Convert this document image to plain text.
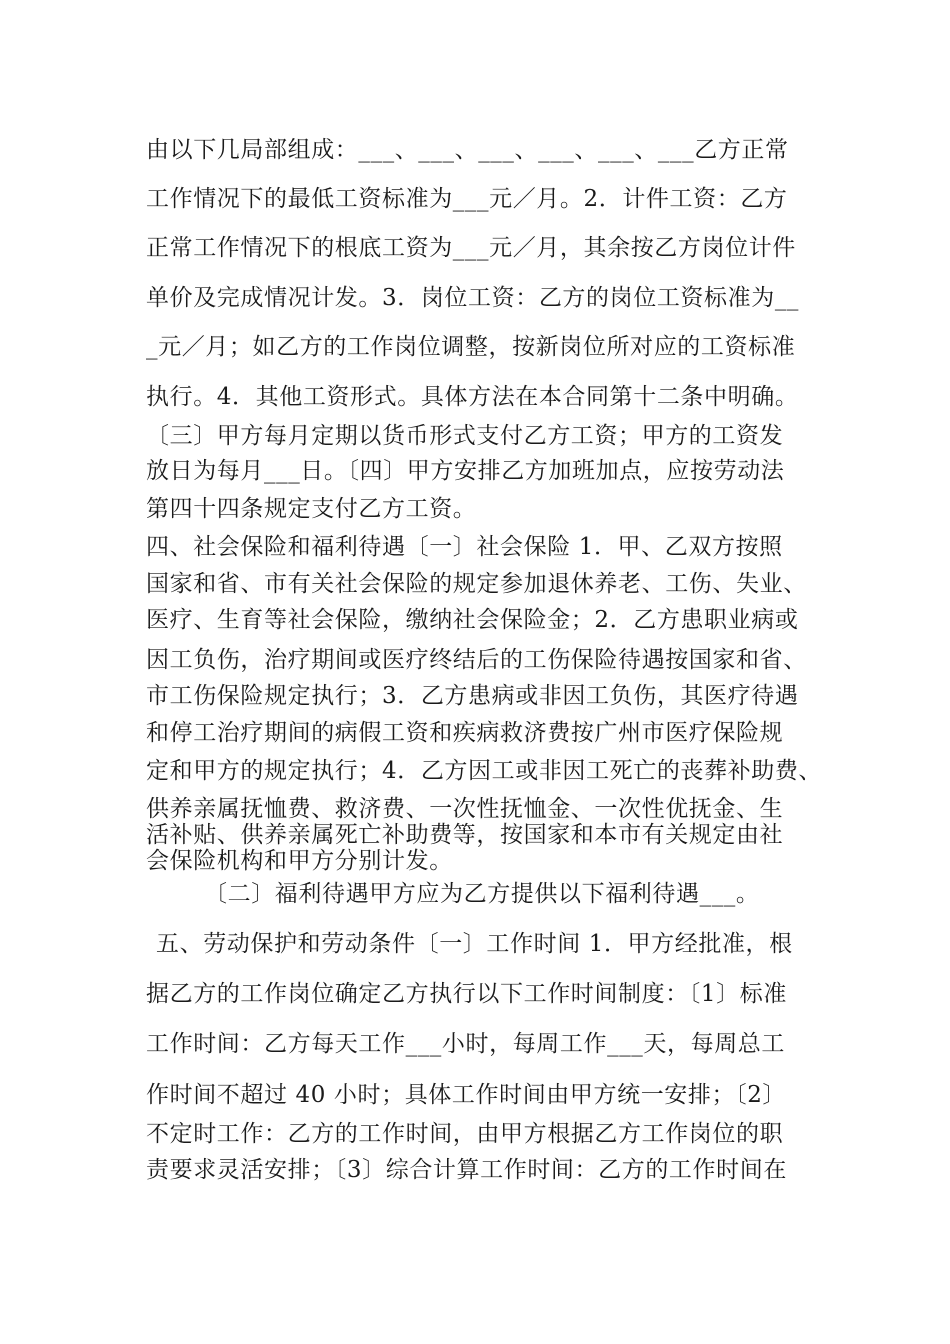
由以下几局部组成：___、___、___、___、___、___乙方正常
工作情况下的最低工资标准为___元／月。2．计件工资：乙方
正常工作情况下的根底工资为___元／月，其余按乙方岗位计件
单价及完成情况计发。3．岗位工资：乙方的岗位工资标准为__
_元／月；如乙方的工作岗位调整，按新岗位所对应的工资标准
执行。4．其他工资形式。具体方法在本合同第十二条中明确。
〔三〕甲方每月定期以货币形式支付乙方工资；甲方的工资发
放日为每月___日。〔四〕甲方安排乙方加班加点，应按劳动法
第四十四条规定支付乙方工资。
四、社会保险和福利待遇〔一〕社会保险 1．甲、乙双方按照
国家和省、市有关社会保险的规定参加退休养老、工伤、失业、
医疗、生育等社会保险，缴纳社会保险金；2．乙方患职业病或
因工负伤，治疗期间或医疗终结后的工伤保险待遇按国家和省、
市工伤保险规定执行；3．乙方患病或非因工负伤，其医疗待遇
和停工治疗期间的病假工资和疾病救济费按广州市医疗保险规
定和甲方的规定执行；4．乙方因工或非因工死亡的丧葬补助费、
供养亲属抚恤费、救济费、一次性抚恤金、一次性优抚金、生
活补贴、供养亲属死亡补助费等，按国家和本市有关规定由社
会保险机构和甲方分别计发。
〔二〕福利待遇甲方应为乙方提供以下福利待遇___。
五、劳动保护和劳动条件〔一〕工作时间 1．甲方经批准，根
据乙方的工作岗位确定乙方执行以下工作时间制度：〔1〕标准
工作时间：乙方每天工作___小时，每周工作___天，每周总工
作时间不超过 40 小时；具体工作时间由甲方统一安排；〔2〕
不定时工作：乙方的工作时间，由甲方根据乙方工作岗位的职
责要求灵活安排；〔3〕综合计算工作时间：乙方的工作时间在
